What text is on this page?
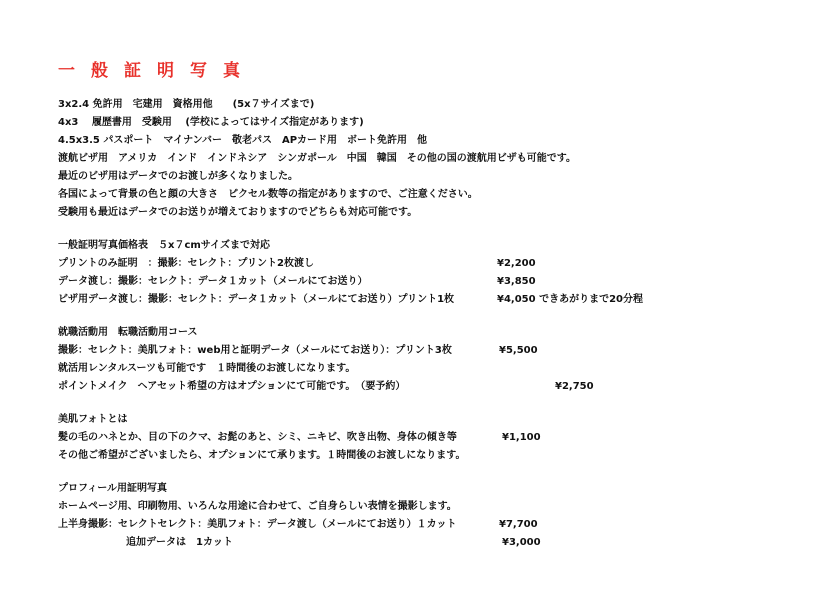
一般証明写真
3x2.4 免許用　宅建用　資格用他　　(5x７サイズまで)
4x3　 履歴書用　受験用　 (学校によってはサイズ指定があります)
4.5x3.5 パスポート　マイナンバー　敬老パス　APカード用　ボート免許用　他
渡航ビザ用　アメリカ　インド　インドネシア　シンガポール　中国　韓国　その他の国の渡航用ビザも可能です。
最近のビザ用はデータでのお渡しが多くなりました。
各国によって背景の色と顔の大きさ　ピクセル数等の指定がありますので、ご注意ください。
受験用も最近はデータでのお送りが増えておりますのでどちらも対応可能です。
一般証明写真価格表　５x７cmサイズまで対応
プリントのみ証明　：撮影：セレクト：プリント2枚渡し	¥2,200
データ渡し：撮影：セレクト：データ１カット（メールにてお送り）	¥3,850
ビザ用データ渡し：撮影：セレクト：データ１カット（メールにてお送り）プリント1枚	¥4,050 できあがりまで20分程
就職活動用　転職活動用コース
撮影：セレクト：美肌フォト：web用と証明データ（メールにてお送り）：プリント3枚	¥5,500
就活用レンタルスーツも可能です　１時間後のお渡しになります。
ポイントメイク　ヘアセット希望の方はオプションにて可能です。　（要予約）	¥2,750
美肌フォトとは
髪の毛のハネとか、目の下のクマ、お髭のあと、シミ、ニキビ、吹き出物、身体の傾き等	¥1,100
その他ご希望がございましたら、オプションにて承ります。１時間後のお渡しになります。
プロフィール用証明写真
ホームページ用、印刷物用、いろんな用途に合わせて、ご自身らしい表情を撮影します。
上半身撮影：セレクトセレクト：美肌フォト：データ渡し（メールにてお送り）１カット	¥7,700
追加データは　1カット	¥3,000
